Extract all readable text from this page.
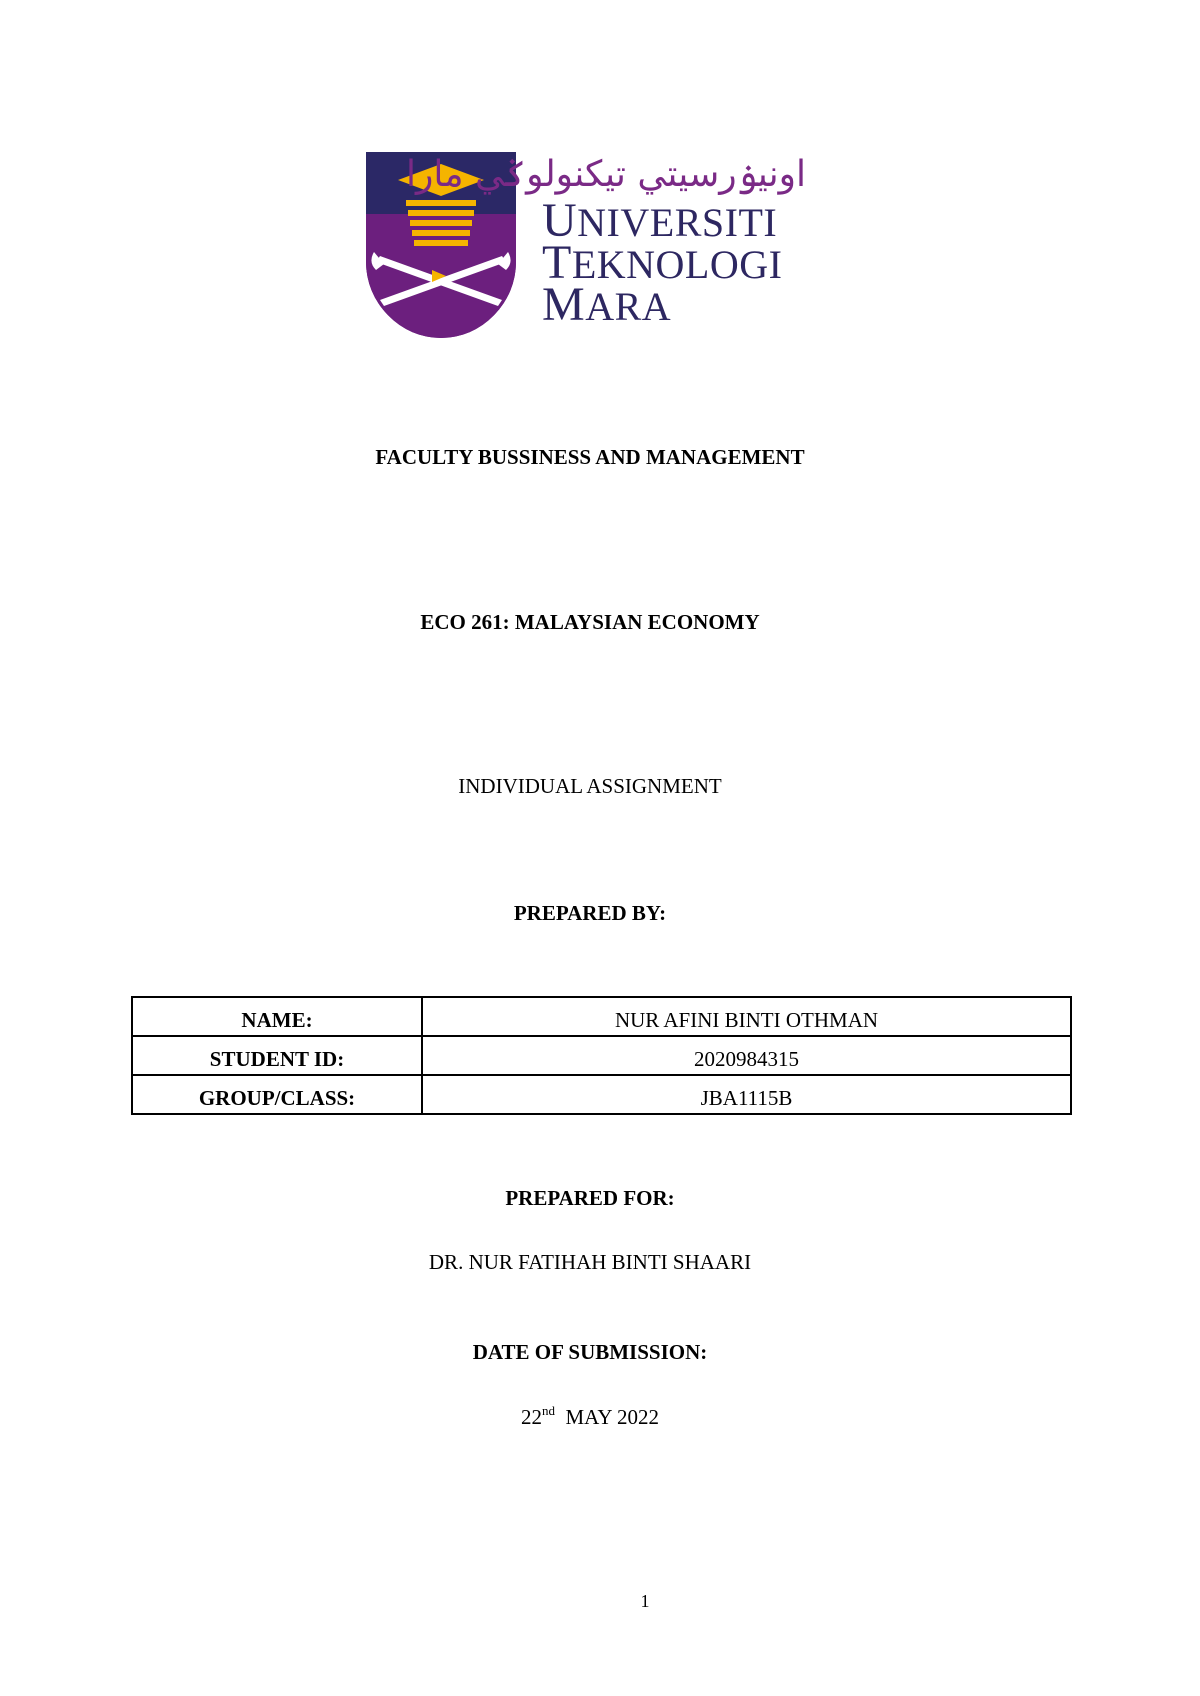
اونيۏرسيتي تيکنولوݢي مارا
UNIVERSITI
TEKNOLOGI
MARA
FACULTY BUSSINESS AND MANAGEMENT
ECO 261: MALAYSIAN ECONOMY
INDIVIDUAL ASSIGNMENT
PREPARED BY:
NAME:	NUR AFINI BINTI OTHMAN
STUDENT ID:	2020984315
GROUP/CLASS:	JBA1115B
PREPARED FOR:
DR. NUR FATIHAH BINTI SHAARI
DATE OF SUBMISSION:
22nd MAY 2022
1
